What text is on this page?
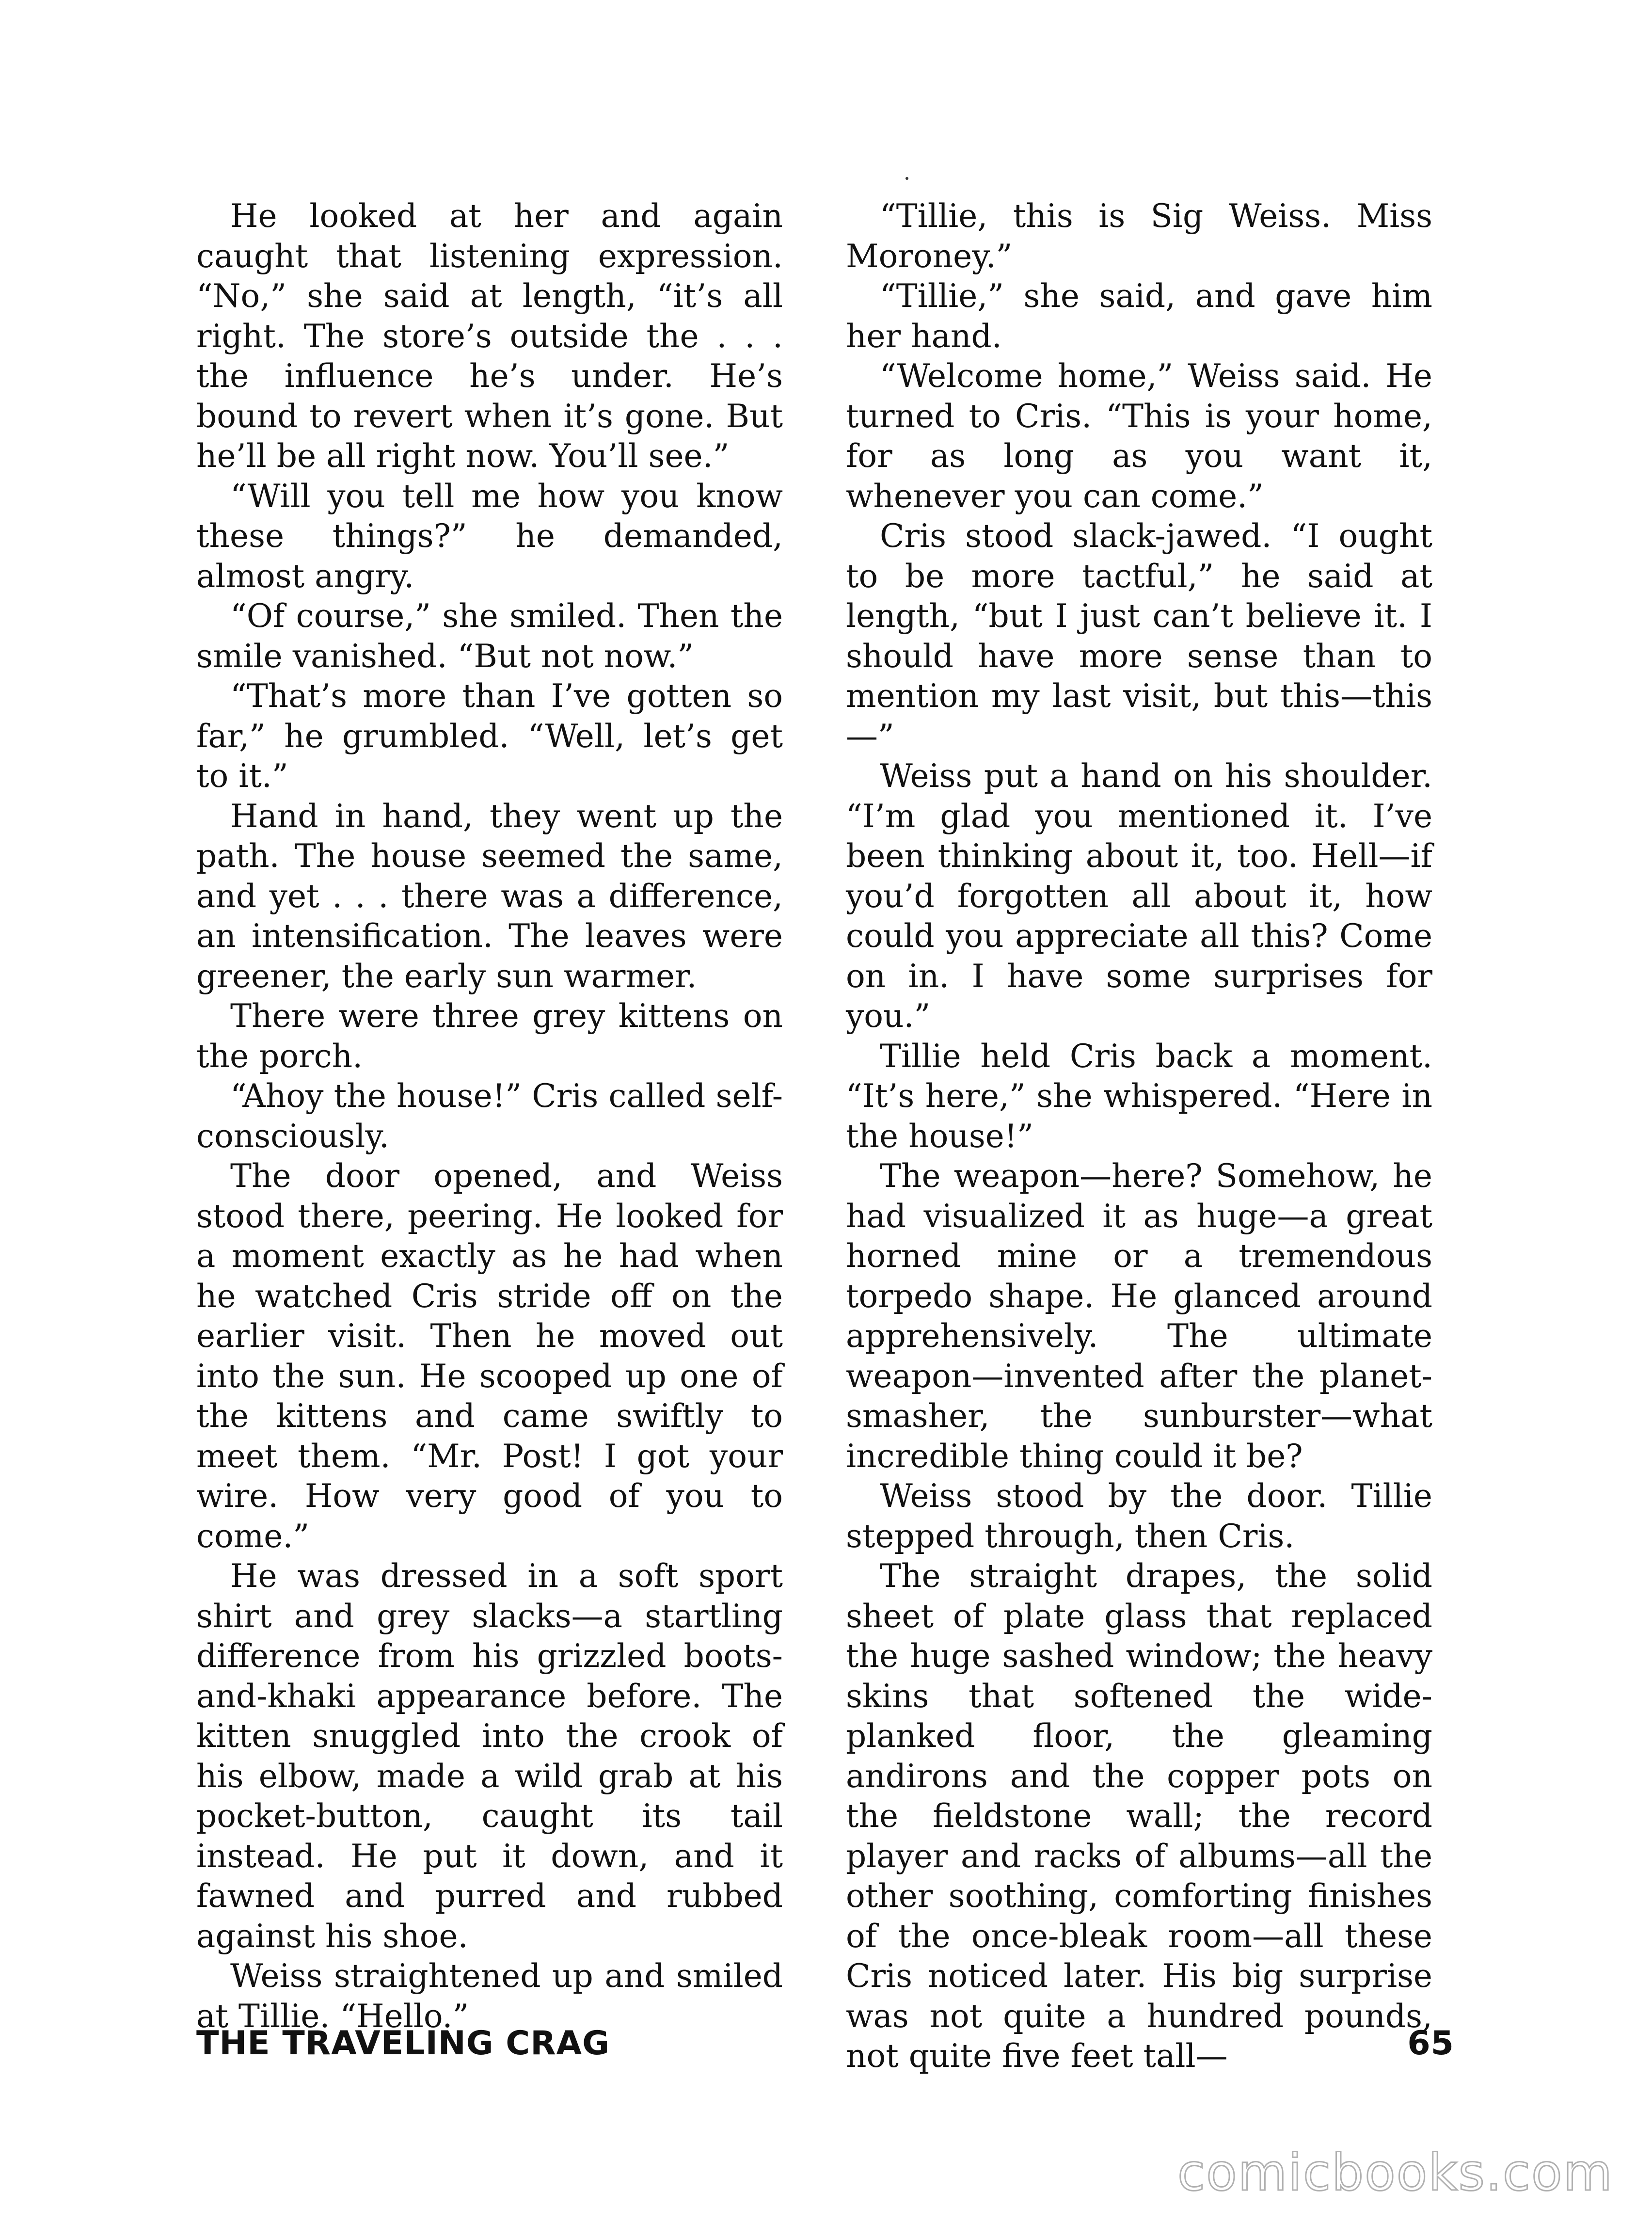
He looked at her and again caught that listening expression. “No,” she said at length, “it’s all right. The store’s outside the . . . the influence he’s under. He’s bound to revert when it’s gone. But he’ll be all right now. You’ll see.”

“Will you tell me how you know these things?” he demanded, almost angry.

“Of course,” she smiled. Then the smile vanished. “But not now.”

“That’s more than I’ve gotten so far,” he grumbled. “Well, let’s get to it.”

Hand in hand, they went up the path. The house seemed the same, and yet . . . there was a difference, an intensification. The leaves were greener, the early sun warmer.

There were three grey kittens on the porch.

“Ahoy the house!” Cris called self-consciously.

The door opened, and Weiss stood there, peering. He looked for a moment exactly as he had when he watched Cris stride off on the earlier visit. Then he moved out into the sun. He scooped up one of the kittens and came swiftly to meet them. “Mr. Post! I got your wire. How very good of you to come.”

He was dressed in a soft sport shirt and grey slacks—a startling difference from his grizzled boots-and-khaki appearance before. The kitten snuggled into the crook of his elbow, made a wild grab at his pocket-button, caught its tail instead. He put it down, and it fawned and purred and rubbed against his shoe.

Weiss straightened up and smiled at Tillie. “Hello.”

“Tillie, this is Sig Weiss. Miss Moroney.”

“Tillie,” she said, and gave him her hand.

“Welcome home,” Weiss said. He turned to Cris. “This is your home, for as long as you want it, whenever you can come.”

Cris stood slack-jawed. “I ought to be more tactful,” he said at length, “but I just can’t believe it. I should have more sense than to mention my last visit, but this—this—”

Weiss put a hand on his shoulder. “I’m glad you mentioned it. I’ve been thinking about it, too. Hell—if you’d forgotten all about it, how could you appreciate all this? Come on in. I have some surprises for you.”

Tillie held Cris back a moment. “It’s here,” she whispered. “Here in the house!”

The weapon—here? Somehow, he had visualized it as huge—a great horned mine or a tremendous torpedo shape. He glanced around apprehensively. The ultimate weapon—invented after the planet-smasher, the sunburster—what incredible thing could it be?

Weiss stood by the door. Tillie stepped through, then Cris.

The straight drapes, the solid sheet of plate glass that replaced the huge sashed window; the heavy skins that softened the wide-planked floor, the gleaming andirons and the copper pots on the fieldstone wall; the record player and racks of albums—all the other soothing, comforting finishes of the once-bleak room—all these Cris noticed later. His big surprise was not quite a hundred pounds, not quite five feet tall—

THE TRAVELING CRAG	65
comicbooks.com
